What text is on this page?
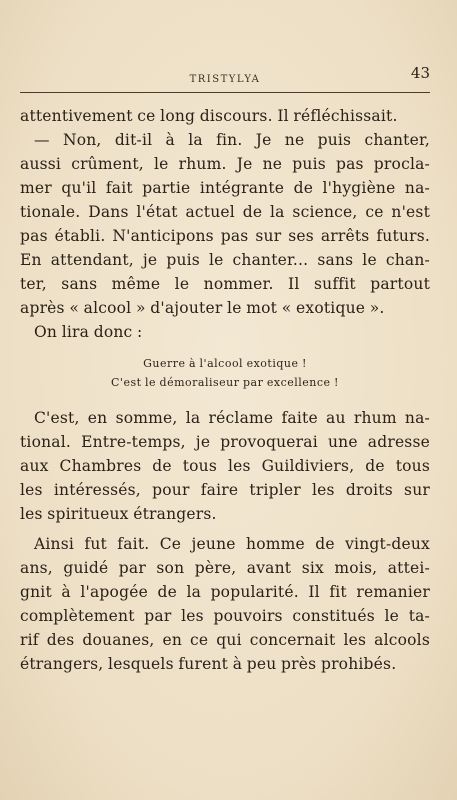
TRISTYLYA	43
attentivement ce long discours. Il réfléchissait.
— Non, dit-il à la fin. Je ne puis chanter,
aussi crûment, le rhum. Je ne puis pas procla-
mer qu'il fait partie intégrante de l'hygiène na-
tionale. Dans l'état actuel de la science, ce n'est
pas établi. N'anticipons pas sur ses arrêts futurs.
En attendant, je puis le chanter... sans le chan-
ter, sans même le nommer. Il suffit partout
après « alcool » d'ajouter le mot « exotique ».
On lira donc :
Guerre à l'alcool exotique !
C'est le démoraliseur par excellence !
C'est, en somme, la réclame faite au rhum na-
tional. Entre-temps, je provoquerai une adresse
aux Chambres de tous les Guildiviers, de tous
les intéressés, pour faire tripler les droits sur
les spiritueux étrangers.
Ainsi fut fait. Ce jeune homme de vingt-deux
ans, guidé par son père, avant six mois, attei-
gnit à l'apogée de la popularité. Il fit remanier
complètement par les pouvoirs constitués le ta-
rif des douanes, en ce qui concernait les alcools
étrangers, lesquels furent à peu près prohibés.
